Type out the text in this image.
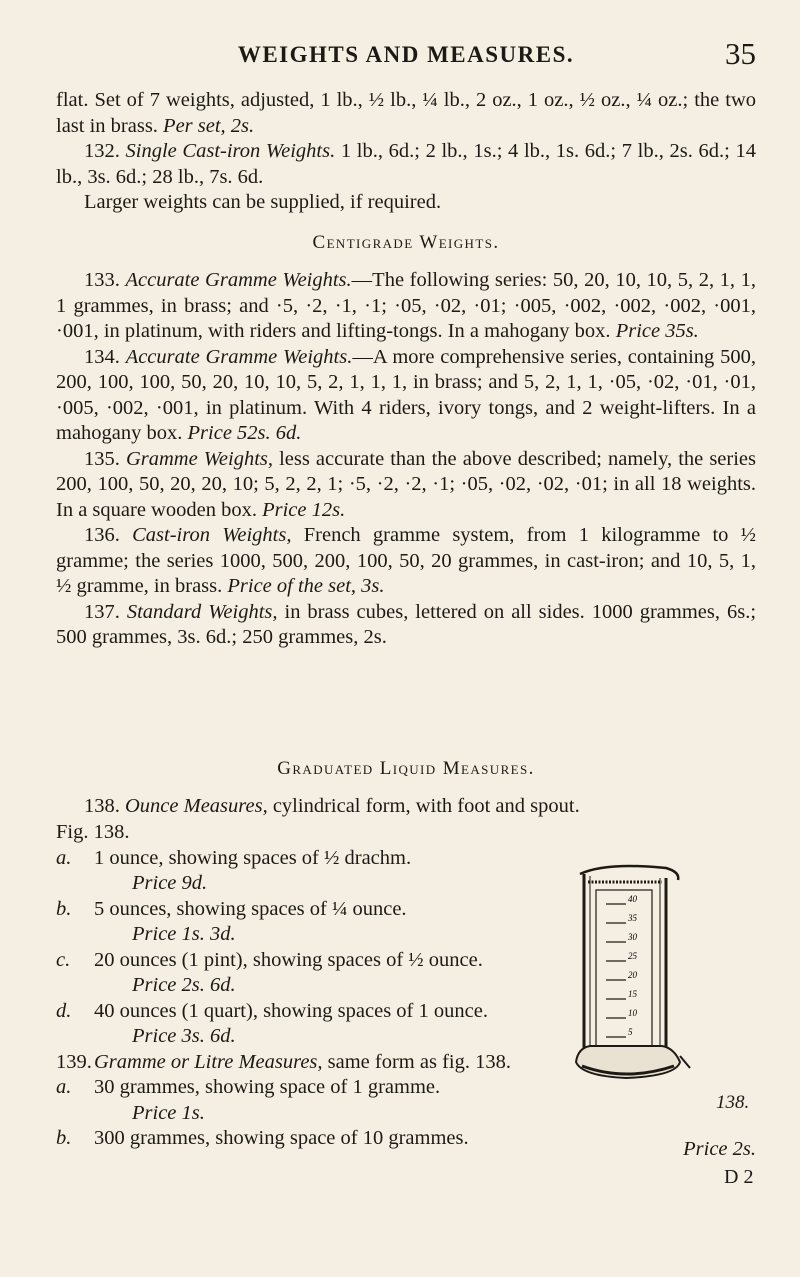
WEIGHTS AND MEASURES.	35

flat. Set of 7 weights, adjusted, 1 lb., ½ lb., ¼ lb., 2 oz., 1 oz., ½ oz., ¼ oz.; the two last in brass. Per set, 2s.

132. Single Cast-iron Weights. 1 lb., 6d.; 2 lb., 1s.; 4 lb., 1s. 6d.; 7 lb., 2s. 6d.; 14 lb., 3s. 6d.; 28 lb., 7s. 6d.

Larger weights can be supplied, if required.

Centigrade Weights.

133. Accurate Gramme Weights.—The following series: 50, 20, 10, 10, 5, 2, 1, 1, 1 grammes, in brass; and ·5, ·2, ·1, ·1; ·05, ·02, ·01; ·005, ·002, ·002, ·002, ·001, ·001, in platinum, with riders and lifting-tongs. In a mahogany box. Price 35s.

134. Accurate Gramme Weights.—A more comprehensive series, containing 500, 200, 100, 100, 50, 20, 10, 10, 5, 2, 1, 1, 1, in brass; and 5, 2, 1, 1, ·05, ·02, ·01, ·01, ·005, ·002, ·001, in platinum. With 4 riders, ivory tongs, and 2 weight-lifters. In a mahogany box. Price 52s. 6d.

135. Gramme Weights, less accurate than the above described; namely, the series 200, 100, 50, 20, 20, 10; 5, 2, 2, 1; ·5, ·2, ·2, ·1; ·05, ·02, ·02, ·01; in all 18 weights. In a square wooden box. Price 12s.

136. Cast-iron Weights, French gramme system, from 1 kilogramme to ½ gramme; the series 1000, 500, 200, 100, 50, 20 grammes, in cast-iron; and 10, 5, 1, ½ gramme, in brass. Price of the set, 3s.

137. Standard Weights, in brass cubes, lettered on all sides. 1000 grammes, 6s.; 500 grammes, 3s. 6d.; 250 grammes, 2s.

Graduated Liquid Measures.

138. Ounce Measures, cylindrical form, with foot and spout.

Fig. 138.
a. 1 ounce, showing spaces of ½ drachm.
Price 9d.
b. 5 ounces, showing spaces of ¼ ounce.
Price 1s. 3d.
c. 20 ounces (1 pint), showing spaces of ½ ounce.
Price 2s. 6d.
d. 40 ounces (1 quart), showing spaces of 1 ounce.
Price 3s. 6d.
139. Gramme or Litre Measures, same form as fig. 138.
a. 30 grammes, showing space of 1 gramme.
Price 1s.
b. 300 grammes, showing space of 10 grammes.	Price 2s.
40
35
30
25
20
15
10
5
138.
D 2
